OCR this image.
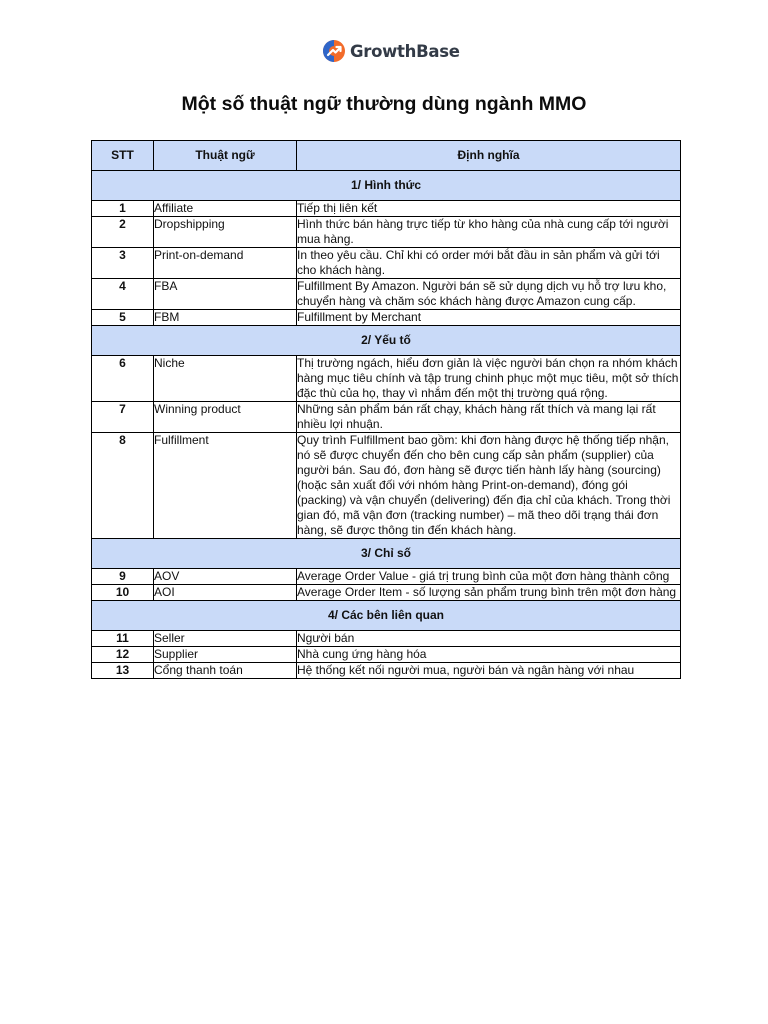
GrowthBase
Một số thuật ngữ thường dùng ngành MMO
STT	Thuật ngữ	Định nghĩa
1/ Hình thức		
1	Affiliate	Tiếp thị liên kết
2	Dropshipping	Hình thức bán hàng trực tiếp từ kho hàng của nhà cung cấp tới người mua hàng.
3	Print-on-demand	In theo yêu cầu. Chỉ khi có order mới bắt đầu in sản phẩm và gửi tới cho khách hàng.
4	FBA	Fulfillment By Amazon. Người bán sẽ sử dụng dịch vụ hỗ trợ lưu kho, chuyển hàng và chăm sóc khách hàng được Amazon cung cấp.
5	FBM	Fulfillment by Merchant
2/ Yếu tố		
6	Niche	Thị trường ngách, hiểu đơn giản là việc người bán chọn ra nhóm khách hàng mục tiêu chính và tập trung chinh phục một mục tiêu, một sở thích đặc thù của họ, thay vì nhắm đến một thị trường quá rộng.
7	Winning product	Những sản phẩm bán rất chạy, khách hàng rất thích và mang lại rất nhiều lợi nhuận.
8	Fulfillment	Quy trình Fulfillment bao gồm: khi đơn hàng được hệ thống tiếp nhận, nó sẽ được chuyển đến cho bên cung cấp sản phẩm (supplier) của người bán. Sau đó, đơn hàng sẽ được tiến hành lấy hàng (sourcing) (hoặc sản xuất đối với nhóm hàng Print-on-demand), đóng gói (packing) và vận chuyển (delivering) đến địa chỉ của khách. Trong thời gian đó, mã vận đơn (tracking number) – mã theo dõi trạng thái đơn hàng, sẽ được thông tin đến khách hàng.
3/ Chỉ số		
9	AOV	Average Order Value - giá trị trung bình của một đơn hàng thành công
10	AOI	Average Order Item - số lượng sản phẩm trung bình trên một đơn hàng
4/ Các bên liên quan		
11	Seller	Người bán
12	Supplier	Nhà cung ứng hàng hóa
13	Cổng thanh toán	Hệ thống kết nối người mua, người bán và ngân hàng với nhau
